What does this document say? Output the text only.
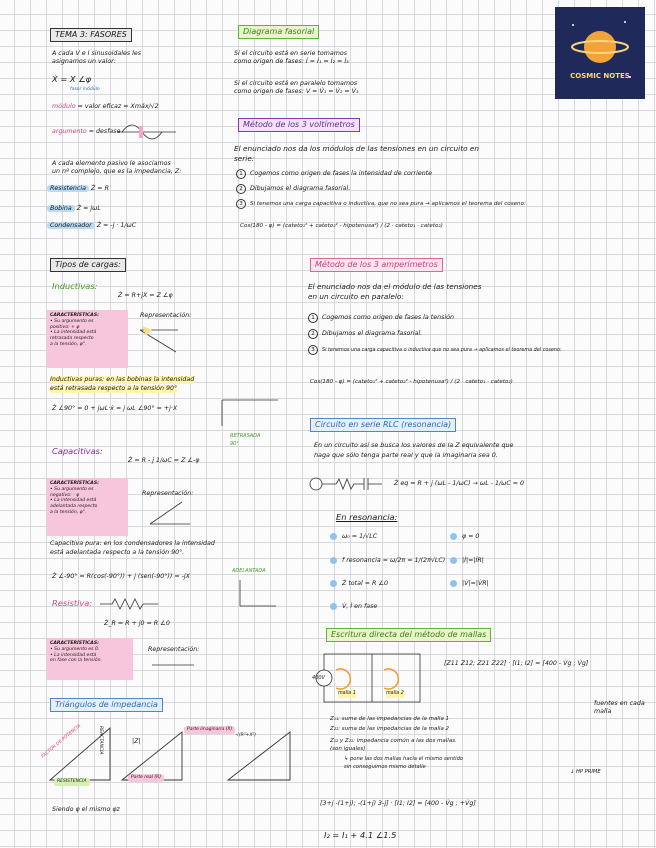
COSMIC NOTES
TEMA 3: FASORES
A cada V e I sinusoidales les
asignamos un valor:
Ẋ = X ∠φ
fasor módulo
módulo = valor eficaz = Xmáx/√2
argumento = desfase
A cada elemento pasivo le asociamos
un nº complejo, que es la impedancia, Z:
Resistencia Ż = R
Bobina Ż = jωL
Condensador Ż = -j · 1/ωC
Tipos de cargas:
Inductivas:
Ż = R+jX = Z ∠φ
CARACTERÍSTICAS:
• Su argumento es
positivo: + φ
• La intensidad está
retrasada respecto
a la tensión, φ°.
Representación:
Inductivas puras: en las bobinas la intensidad
está retrasada respecto a la tensión 90°
Ż ∠90° = 0 + jωL·ẋ = j ωL ∠90° = +j·X
RETRASADA
90°
Capacitivas:
Ż = R - j 1/ωC = Z ∠-φ
CARACTERÍSTICAS:
• Su argumento es
negativo: - φ
• La intensidad está
adelantada respecto
a la tensión, φ°.
Representación:
Capacitiva pura: en los condensadores la intensidad
está adelantada respecto a la tensión 90°.
Ż ∠-90° = R(cos(-90°)) + j (sen(-90°)) = -jX
ADELANTADA
Resistiva:
Ż_R = R + j0 = R ∠0
CARACTERÍSTICAS:
• Su argumento es 0.
• La intensidad está
en fase con la tensión.
Representación:
Triángulos de impedancia
FACTOR DE POTENCIA	REACTANCIA
RESISTENCIA
|Z|
Parte real (R)
Parte imaginaria (X)
√(R²+X²)
Siendo φ el mismo φz
Diagrama fasorial
Si el circuito está en serie tomamos
como origen de fases: İ = İ₁ = İ₂ = İ₃
Si el circuito está en paralelo tomamos
como origen de fases: V = V̇₁ = V̇₂ = V̇₃
Método de los 3 voltímetros
El enunciado nos da los módulos de las tensiones en un circuito en
serie:
1	Cogemos como origen de fases la intensidad de corriente
2	Dibujamos el diagrama fasorial.
3	Si tenemos una carga capacitiva o inductiva, que no sea pura → aplicamos el teorema del coseno:
Cos(180 - φ) = (cateto₁² + cateto₂² - hipotenusa²) / (2 · cateto₁ · cateto₂)
Método de los 3 amperímetros
El enunciado nos da el módulo de las tensiones
en un circuito en paralelo:
1	Cogemos como origen de fases la tensión
2	Dibujamos el diagrama fasorial.
3	Si tenemos una carga capacitiva o inductiva que no sea pura → aplicamos el teorema del coseno:
Cos(180 - φ) = (cateto₁² + cateto₂² - hipotenusa²) / (2 · cateto₁ · cateto₂)
Circuito en serie RLC (resonancia)
En un circuito así se busca los valores de la Z equivalente que
haga que sólo tenga parte real y que la imaginaria sea 0.
Ż eq = R + j (ωL - 1/ωC) → ωL - 1/ωC = 0
En resonancia:
ω₀ = 1/√LC	φ = 0
f resonancia = ω/2π = 1/(2π√LC)	|İ|=|İR|
Ż total = R ∠0	|V̇|=|V̇R|
V̇, İ en fase
Escritura directa del método de mallas
400V
malla 1	malla 2
[Z11 Z12; Z21 Z22] · [I1; I2] = [400 - V̇g ; V̇g]
fuentes en cada
malla
Z₁₁: suma de las impedancias de la malla 1
Z₂₂: suma de las impedancias de la malla 2
Z₁₂ y Z₂₁: impedancia común a las dos mallas.
(son iguales)
↳ pone las dos mallas hacia el mismo sentido
sin conseguimos mismo detalle
↓ HP PRIME
[3+j -(1+j); -(1+j) 3-j] · [I1; I2] = [400 - V̇g ; +V̇g]
I₂ = I₁ + 4.1 ∠1.5
